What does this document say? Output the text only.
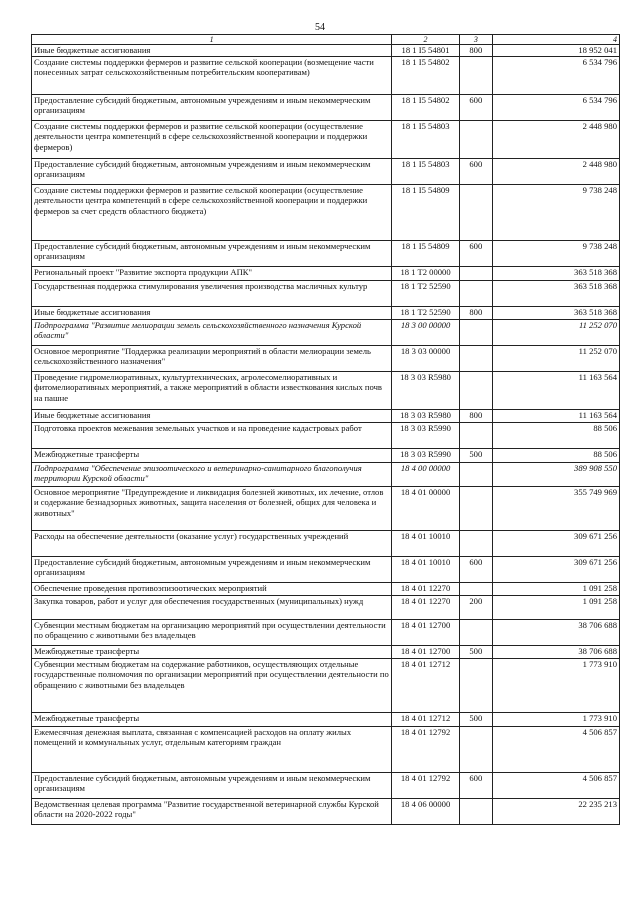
54
1	2	3	4
Иные бюджетные ассигнования	18 1 I5 54801	800	18 952 041
Создание системы поддержки фермеров и развитие сельской кооперации (возмещение части понесенных затрат сельскохозяйственным потребительским кооперативам)	18 1 I5 54802		6 534 796
Предоставление субсидий бюджетным, автономным учреждениям и иным некоммерческим организациям	18 1 I5 54802	600	6 534 796
Создание системы поддержки фермеров и развитие сельской кооперации (осуществление деятельности центра компетенций в сфере сельскохозяйственной кооперации и поддержки фермеров)	18 1 I5 54803		2 448 980
Предоставление субсидий бюджетным, автономным учреждениям и иным некоммерческим организациям	18 1 I5 54803	600	2 448 980
Создание системы поддержки фермеров и развитие сельской кооперации (осуществление деятельности центра компетенций в сфере сельскохозяйственной кооперации и поддержки фермеров за счет средств областного бюджета)	18 1 I5 54809		9 738 248
Предоставление субсидий бюджетным, автономным учреждениям и иным некоммерческим организациям	18 1 I5 54809	600	9 738 248
Региональный проект "Развитие экспорта продукции АПК"	18 1 T2 00000		363 518 368
Государственная поддержка стимулирования увеличения производства масличных культур	18 1 T2 52590		363 518 368
Иные бюджетные ассигнования	18 1 T2 52590	800	363 518 368
Подпрограмма "Развитие мелиорации земель сельскохозяйственного назначения Курской области"	18 3 00 00000		11 252 070
Основное мероприятие "Поддержка реализации мероприятий в области мелиорации земель сельскохозяйственного назначения"	18 3 03 00000		11 252 070
Проведение гидромелиоративных, культуртехнических, агролесомелиоративных и фитомелиоративных мероприятий, а также мероприятий в области известкования кислых почв на пашне	18 3 03 R5980		11 163 564
Иные бюджетные ассигнования	18 3 03 R5980	800	11 163 564
Подготовка проектов межевания земельных участков и на проведение кадастровых работ	18 3 03 R5990		88 506
Межбюджетные трансферты	18 3 03 R5990	500	88 506
Подпрограмма "Обеспечение эпизоотического и ветеринарно-санитарного благополучия территории Курской области"	18 4 00 00000		389 908 550
Основное мероприятие "Предупреждение и ликвидация болезней животных, их лечение, отлов и содержание безнадзорных животных, защита населения от болезней, общих для человека и животных"	18 4 01 00000		355 749 969
Расходы на обеспечение деятельности (оказание услуг) государственных учреждений	18 4 01 10010		309 671 256
Предоставление субсидий бюджетным, автономным учреждениям и иным некоммерческим организациям	18 4 01 10010	600	309 671 256
Обеспечение проведения противоэпизоотических мероприятий	18 4 01 12270		1 091 258
Закупка товаров, работ и услуг для обеспечения государственных (муниципальных) нужд	18 4 01 12270	200	1 091 258
Субвенции местным бюджетам на организацию мероприятий при осуществлении деятельности по обращению с животными без владельцев	18 4 01 12700		38 706 688
Межбюджетные трансферты	18 4 01 12700	500	38 706 688
Субвенции местным бюджетам на содержание работников, осуществляющих отдельные государственные полномочия по организации мероприятий при осуществлении деятельности по обращению с животными без владельцев	18 4 01 12712		1 773 910
Межбюджетные трансферты	18 4 01 12712	500	1 773 910
Ежемесячная денежная выплата, связанная с компенсацией расходов на оплату жилых помещений и коммунальных услуг, отдельным категориям граждан	18 4 01 12792		4 506 857
Предоставление субсидий бюджетным, автономным учреждениям и иным некоммерческим организациям	18 4 01 12792	600	4 506 857
Ведомственная целевая программа "Развитие государственной ветеринарной службы Курской области на 2020-2022 годы"	18 4 06 00000		22 235 213
